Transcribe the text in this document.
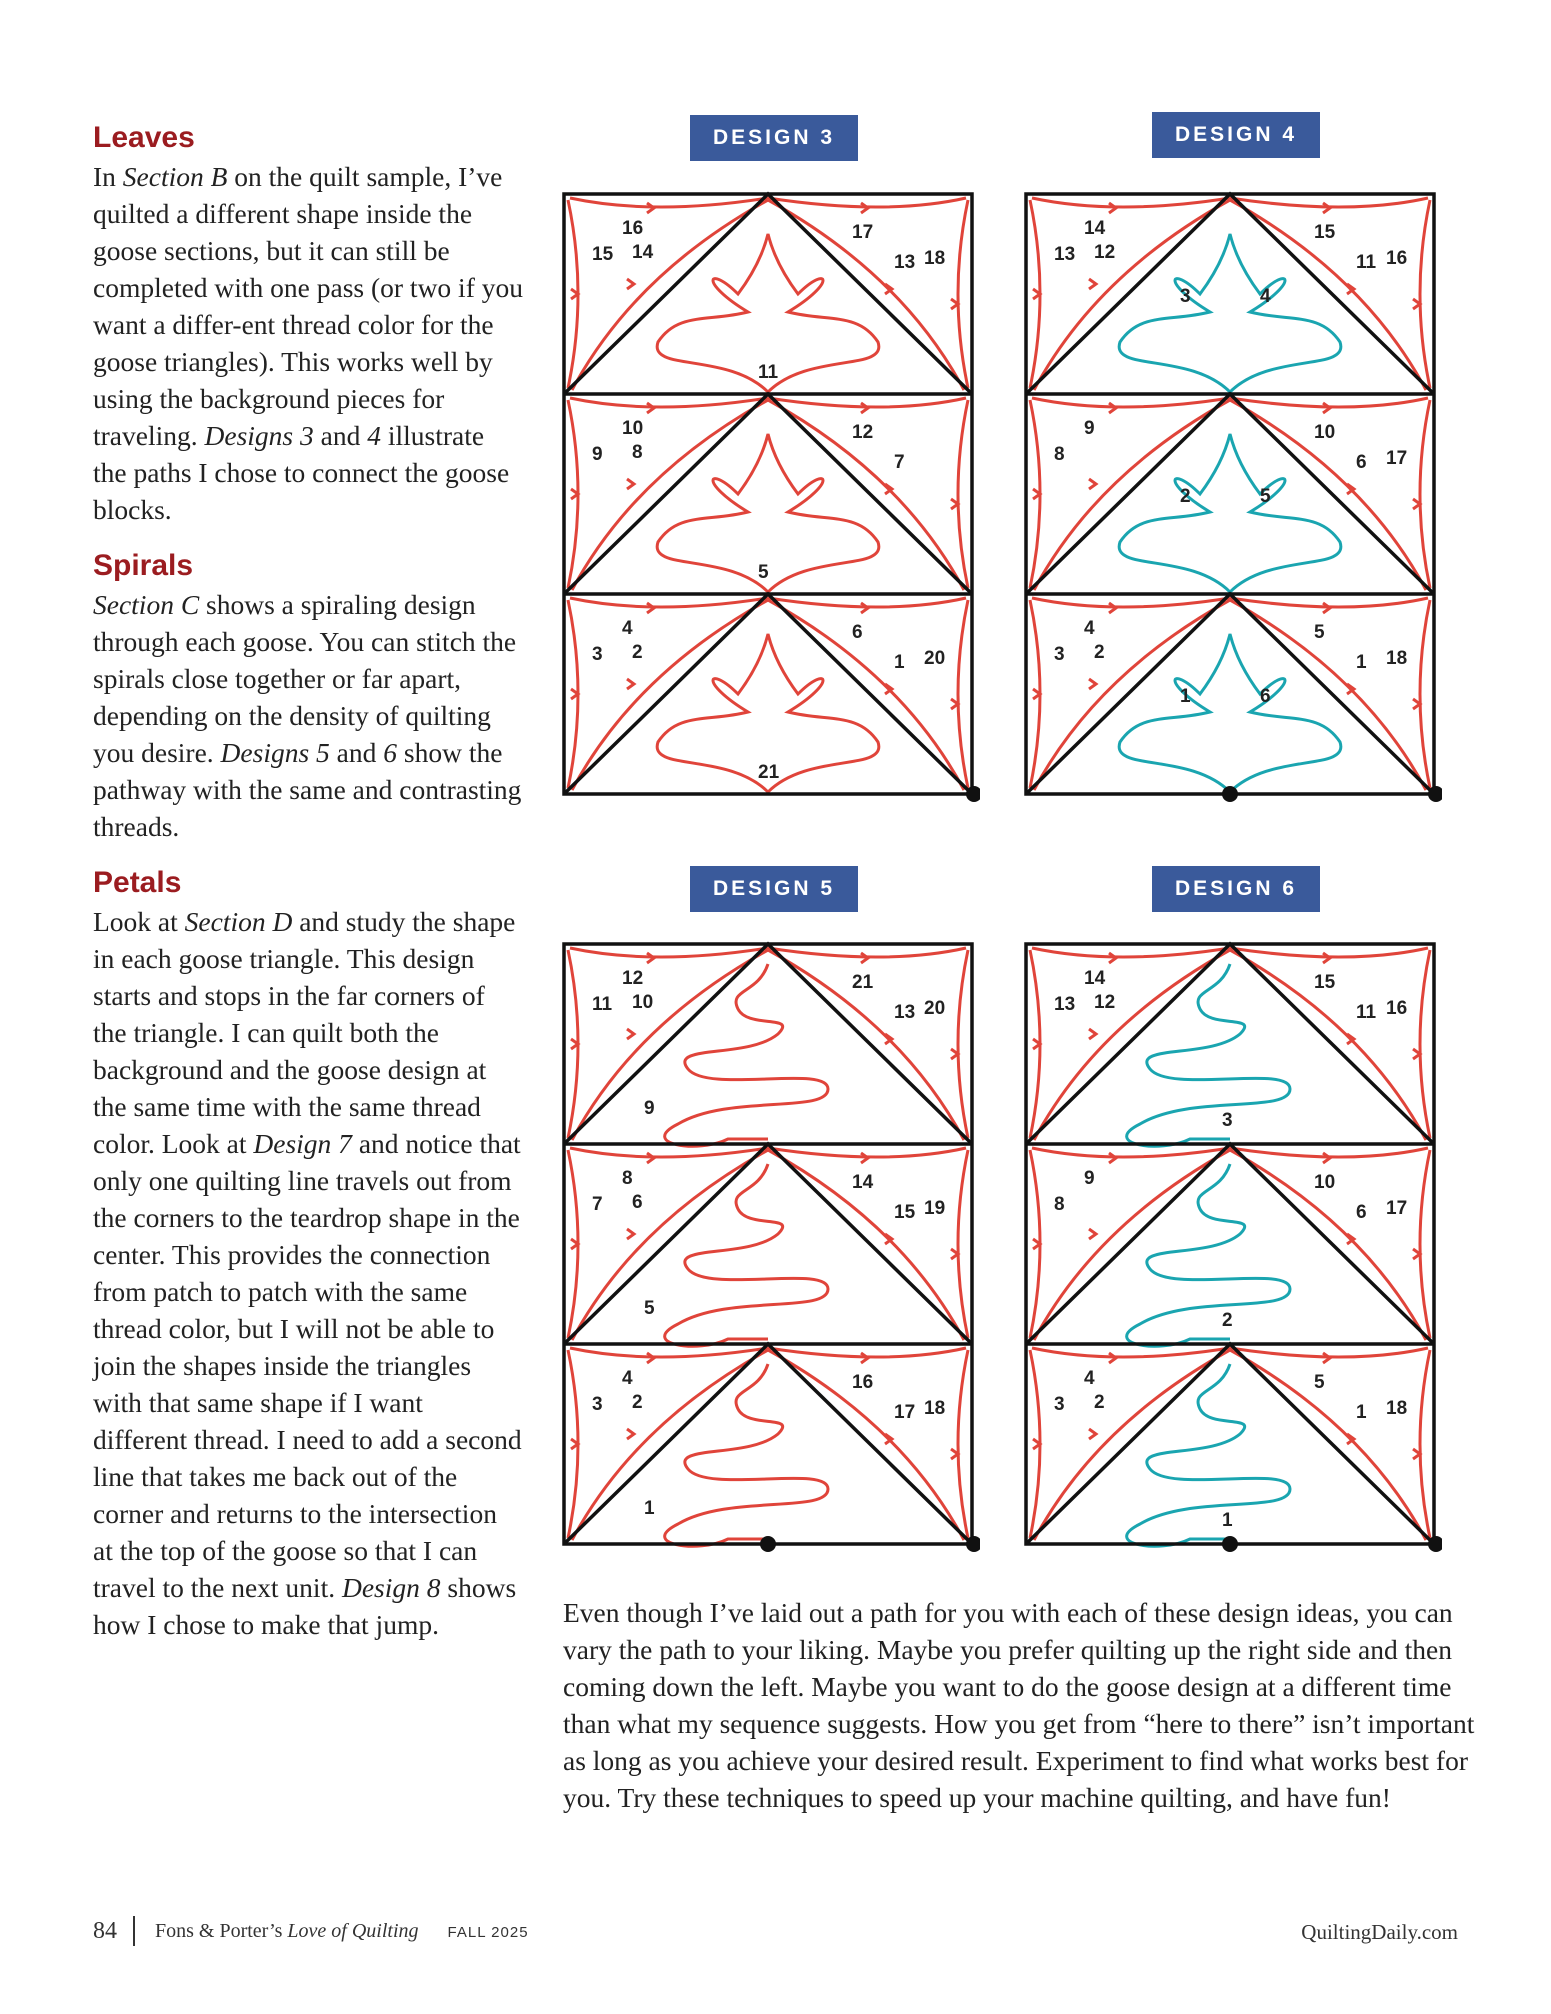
Leaves

In Section B on the quilt sample, I’ve quilted a different shape inside the goose sections, but it can still be completed with one pass (or two if you want a differ-ent thread color for the goose triangles). This works well by using the background pieces for traveling. Designs 3 and 4 illustrate the paths I chose to connect the goose blocks.

Spirals

Section C shows a spiraling design through each goose. You can stitch the spirals close together or far apart, depending on the density of quilting you desire. Designs 5 and 6 show the pathway with the same and contrasting threads.

Petals

Look at Section D and study the shape in each goose triangle. This design starts and stops in the far corners of the triangle. I can quilt both the background and the goose design at the same time with the same thread color. Look at Design 7 and notice that only one quilting line travels out from the corners to the teardrop shape in the center. This provides the connection from patch to patch with the same thread color, but I will not be able to join the shapes inside the triangles with that same shape if I want different thread. I need to add a second line that takes me back out of the corner and returns to the intersection at the top of the goose so that I can travel to the next unit. Design 8 shows how I chose to make that jump.

DESIGN 3	DESIGN 4
DESIGN 5	DESIGN 6
16
15 14
17
13 18
11
10
9 8
12
7
5
4
3 2
6
1 20
21
14
13 12
15
11 16
3	4
9
8
10
6 17
2	5
4
3 2
5
1 18
1	6
12
11 10
21
13 20
9
8
7 6
14
15 19
5
4
3 2
16
17 18
1
14
13 12
15
11 16
3
9
8
10
6 17
2
4
3 2
5
1 18
1

Even though I’ve laid out a path for you with each of these design ideas, you can vary the path to your liking. Maybe you prefer quilting up the right side and then coming down the left. Maybe you want to do the goose design at a different time than what my sequence suggests. How you get from “here to there” isn’t important as long as you achieve your desired result. Experiment to find what works best for you. Try these techniques to speed up your machine quilting, and have fun!

84 Fons & Porter’s Love of Quilting FALL 2025	QuiltingDaily.com
